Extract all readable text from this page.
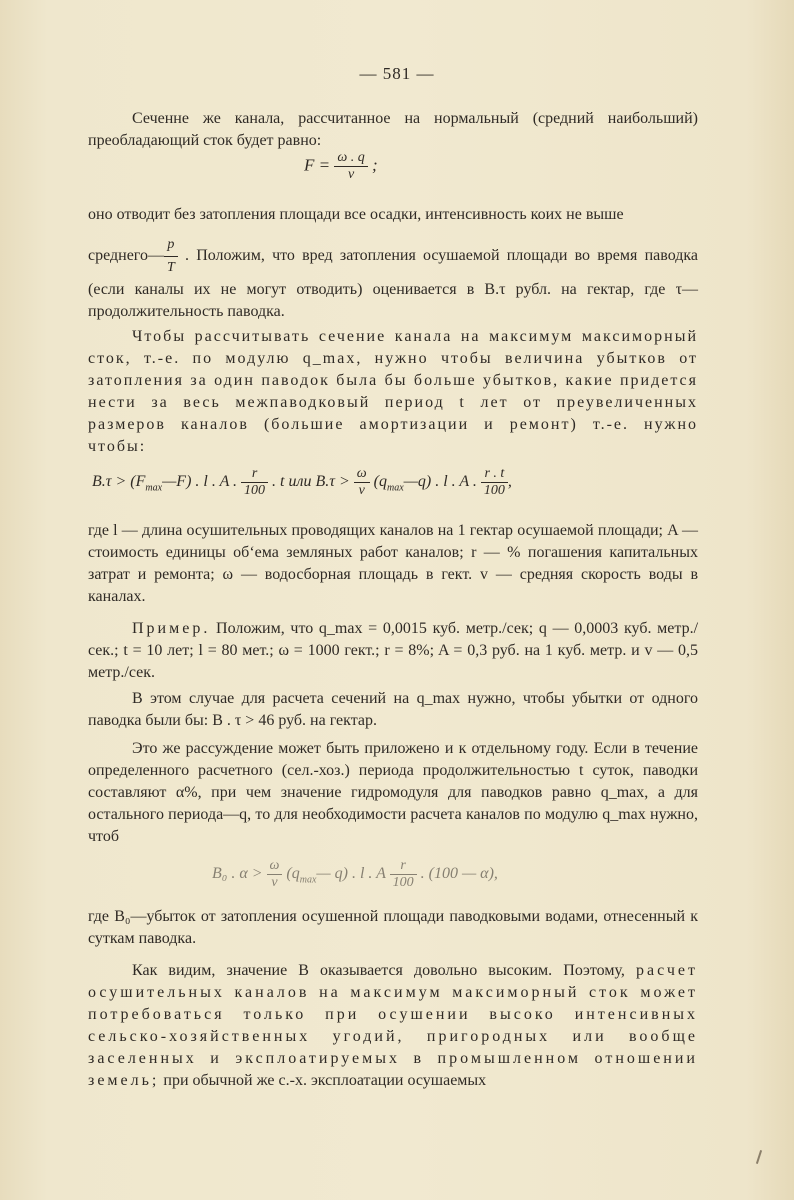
— 581 —

Сеченне же канала, рассчитанное на нормальный (средний наибольший) преобладающий сток будет равно:

$F = \frac{\omega . q}{v}$ ;

оно отводит без затопления площади все осадки, интенсивность коих не выше

среднего— $\frac{p}{T}$ . Положим, что вред затопления осушаемой площади во время паводка (если каналы их не могут отводить) оценивается в B.τ рубл. на гектар, где τ—продолжительность паводка.

Чтобы рассчитывать сечение канала на максимум максиморный сток, т.-е. по модулю q_max, нужно чтобы величина убытков от затопления за один паводок была бы больше убытков, какие придется нести за весь межпаводковый период t лет от преувеличенных размеров каналов (большие амортизации и ремонт) т.-е. нужно чтобы:

$B.\tau > (F_{max}—F)$ . l . A . $\frac{r}{100}$ . t или $B.\tau > \frac{\omega}{v}$ $(q_{max}—q)$ . l . A . $\frac{r . t}{100}$ ,

где l — длина осушительных проводящих каналов на 1 гектар осушаемой площади; A — стоимость единицы об‘ема земляных работ каналов; r — % погашения капитальных затрат и ремонта; ω — водосборная площадь в гект. v — средняя скорость воды в каналах.

Пример. Положим, что q_max = 0,0015 куб. метр./сек; q — 0,0003 куб. метр./сек.; t = 10 лет; l = 80 мет.; ω = 1000 гект.; r = 8%; A = 0,3 руб. на 1 куб. метр. и v — 0,5 метр./сек.

В этом случае для расчета сечений на q_max нужно, чтобы убытки от одного паводка были бы: B . τ > 46 руб. на гектар.

Это же рассуждение может быть приложено и к отдельному году. Если в течение определенного расчетного (сел.-хоз.) периода продолжительностью t суток, паводки составляют α%, при чем значение гидромодуля для паводков равно q_max, а для остального периода—q, то для необходимости расчета каналов по модулю q_max нужно, чтоб

B₀ . $\alpha > \frac{\omega}{v}$ ($q_{max}—$ q) . l . A $\frac{r}{100}$ . (100 — α),

где B₀—убыток от затопления осушенной площади паводковыми водами, отнесенный к суткам паводка.

Как видим, значение B оказывается довольно высоким. Поэтому, расчет осушительных каналов на максимум максиморный сток может потребоваться только при осушении высоко интенсивных сельско-хозяйственных угодий, пригородных или вообще заселенных и эксплоатируемых в промышленном отношении земель; при обычной же с.-х. эксплоатации осушаемых
